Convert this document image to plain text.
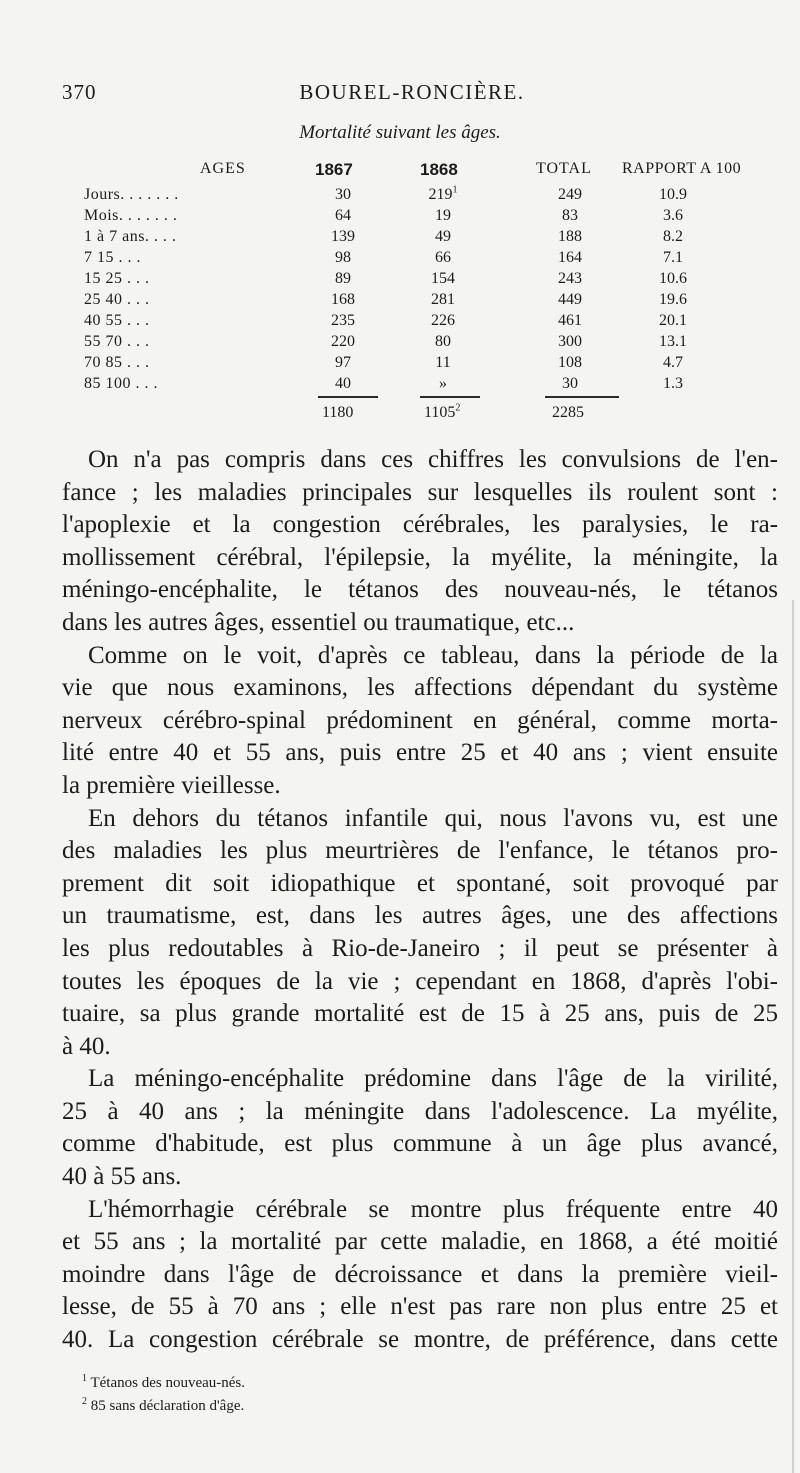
370	BOUREL-RONCIÈRE.
Mortalité suivant les âges.
AGES	1867	1868	TOTAL RAPPORT A 100
Jours. . . . . . .	30	$219^1$	249	10.9
Mois. . . . . . .	64	19	83	3.6
1 à 7 ans. . . .	139	49	188	8.2
7 15 . . .	98	66	164	7.1
15 25 . . .	89	154	243	10.6
25 40 . . .	168	281	449	19.6
40 55 . . .	235	226	461	20.1
55 70 . . .	220	80	300	13.1
70 85 . . .	97	11	108	4.7
85 100 . . .	40	»	30	1.3
1180	1105$^2$	2285

On n'a pas compris dans ces chiffres les convulsions de l'en-
fance ; les maladies principales sur lesquelles ils roulent sont :
l'apoplexie et la congestion cérébrales, les paralysies, le ra-
mollissement cérébral, l'épilepsie, la myélite, la méningite, la
méningo-encéphalite, le tétanos des nouveau-nés, le tétanos
dans les autres âges, essentiel ou traumatique, etc...

Comme on le voit, d'après ce tableau, dans la période de la
vie que nous examinons, les affections dépendant du système
nerveux cérébro-spinal prédominent en général, comme morta-
lité entre 40 et 55 ans, puis entre 25 et 40 ans ; vient ensuite
la première vieillesse.

En dehors du tétanos infantile qui, nous l'avons vu, est une
des maladies les plus meurtrières de l'enfance, le tétanos pro-
prement dit soit idiopathique et spontané, soit provoqué par
un traumatisme, est, dans les autres âges, une des affections
les plus redoutables à Rio-de-Janeiro ; il peut se présenter à
toutes les époques de la vie ; cependant en 1868, d'après l'obi-
tuaire, sa plus grande mortalité est de 15 à 25 ans, puis de 25
à 40.

La méningo-encéphalite prédomine dans l'âge de la virilité,
25 à 40 ans ; la méningite dans l'adolescence. La myélite,
comme d'habitude, est plus commune à un âge plus avancé,
40 à 55 ans.

L'hémorrhagie cérébrale se montre plus fréquente entre 40
et 55 ans ; la mortalité par cette maladie, en 1868, a été moitié
moindre dans l'âge de décroissance et dans la première vieil-
lesse, de 55 à 70 ans ; elle n'est pas rare non plus entre 25 et
40. La congestion cérébrale se montre, de préférence, dans cette

$^1$ Tétanos des nouveau-nés.
$^2$ 85 sans déclaration d'âge.
